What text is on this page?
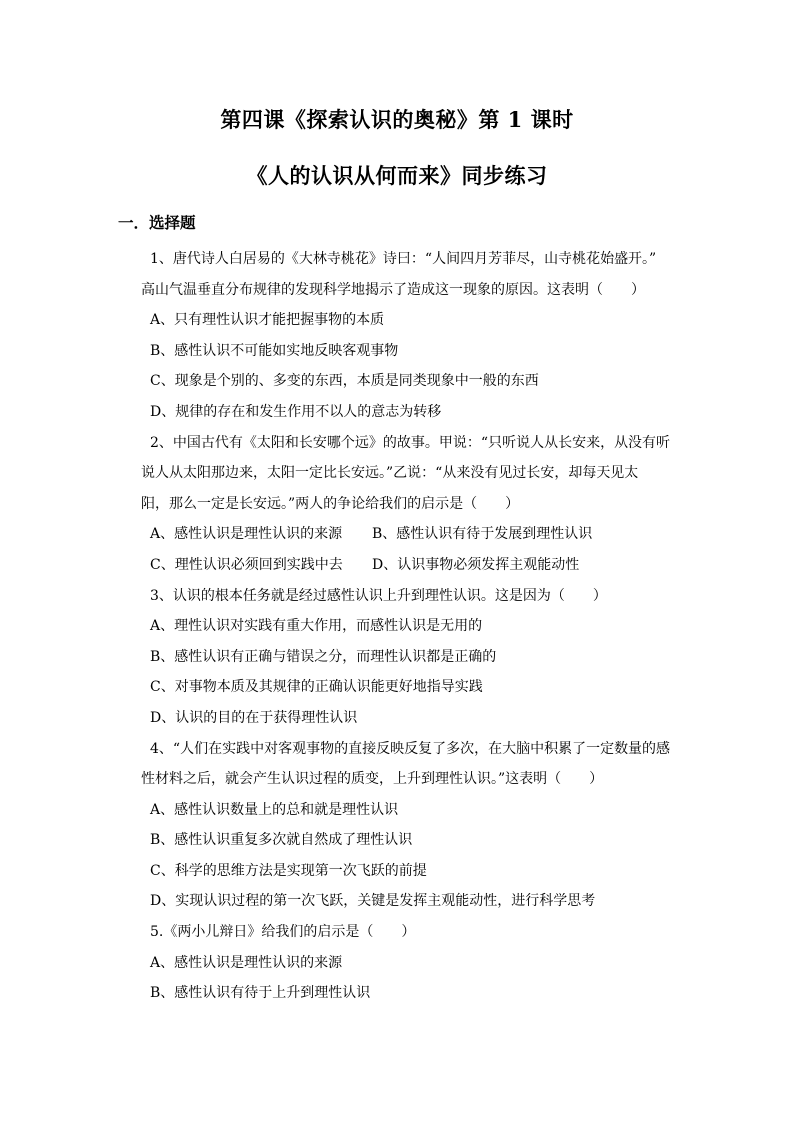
第四课《探索认识的奥秘》第 1 课时
《人的认识从何而来》同步练习
一．选择题
1、唐代诗人白居易的《大林寺桃花》诗曰：“人间四月芳菲尽，山寺桃花始盛开。”
高山气温垂直分布规律的发现科学地揭示了造成这一现象的原因。这表明（　　）
A、只有理性认识才能把握事物的本质
B、感性认识不可能如实地反映客观事物
C、现象是个别的、多变的东西，本质是同类现象中一般的东西
D、规律的存在和发生作用不以人的意志为转移
2、中国古代有《太阳和长安哪个远》的故事。甲说：“只听说人从长安来，从没有听
说人从太阳那边来，太阳一定比长安远。”乙说：“从来没有见过长安，却每天见太
阳，那么一定是长安远。”两人的争论给我们的启示是（　　）
A、感性认识是理性认识的来源	B、感性认识有待于发展到理性认识
C、理性认识必须回到实践中去	D、认识事物必须发挥主观能动性
3、认识的根本任务就是经过感性认识上升到理性认识。这是因为（　　）
A、理性认识对实践有重大作用，而感性认识是无用的
B、感性认识有正确与错误之分，而理性认识都是正确的
C、对事物本质及其规律的正确认识能更好地指导实践
D、认识的目的在于获得理性认识
4、“人们在实践中对客观事物的直接反映反复了多次，在大脑中积累了一定数量的感
性材料之后，就会产生认识过程的质变，上升到理性认识。”这表明（　　）
A、感性认识数量上的总和就是理性认识
B、感性认识重复多次就自然成了理性认识
C、科学的思维方法是实现第一次飞跃的前提
D、实现认识过程的第一次飞跃，关键是发挥主观能动性，进行科学思考
5.《两小儿辩日》给我们的启示是（　　）
A、感性认识是理性认识的来源
B、感性认识有待于上升到理性认识
